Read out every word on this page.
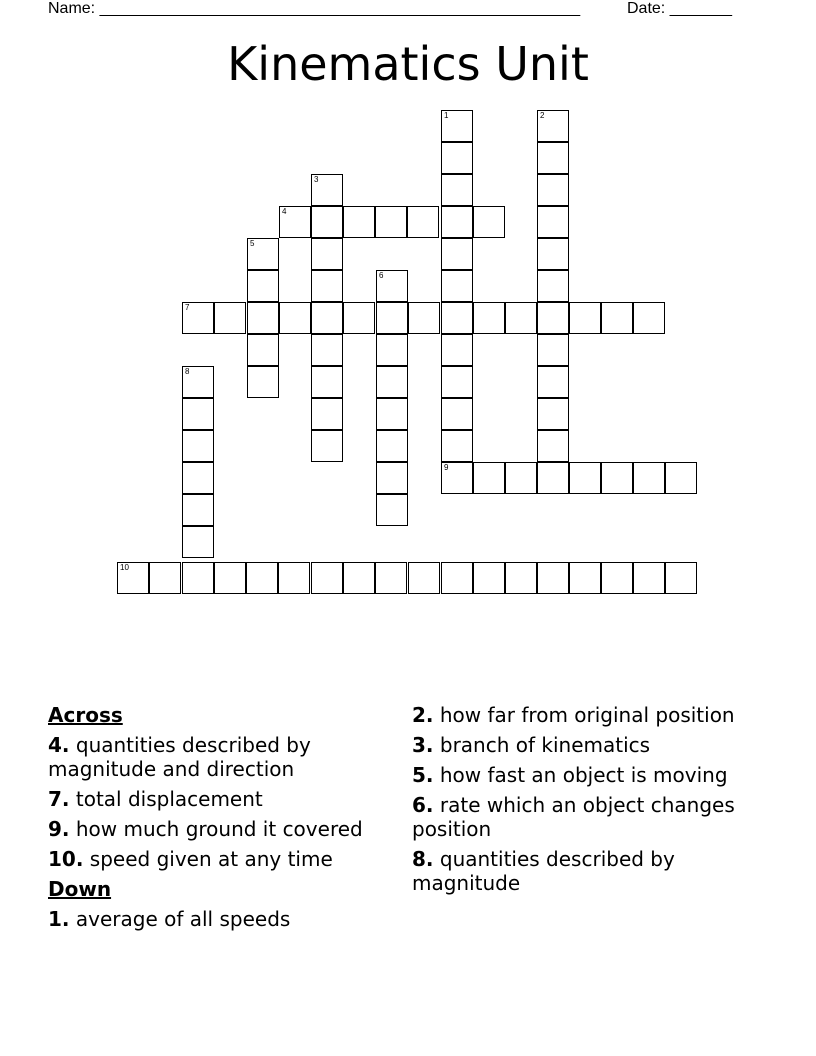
Name: ______________________________________________________	Date: _______
Kinematics Unit
1
9
2
3
4
5
6
7
8
10
Across
4. quantities described by magnitude and direction
7. total displacement
9. how much ground it covered
10. speed given at any time
Down
1. average of all speeds
2. how far from original position
3. branch of kinematics
5. how fast an object is moving
6. rate which an object changes position
8. quantities described by magnitude
